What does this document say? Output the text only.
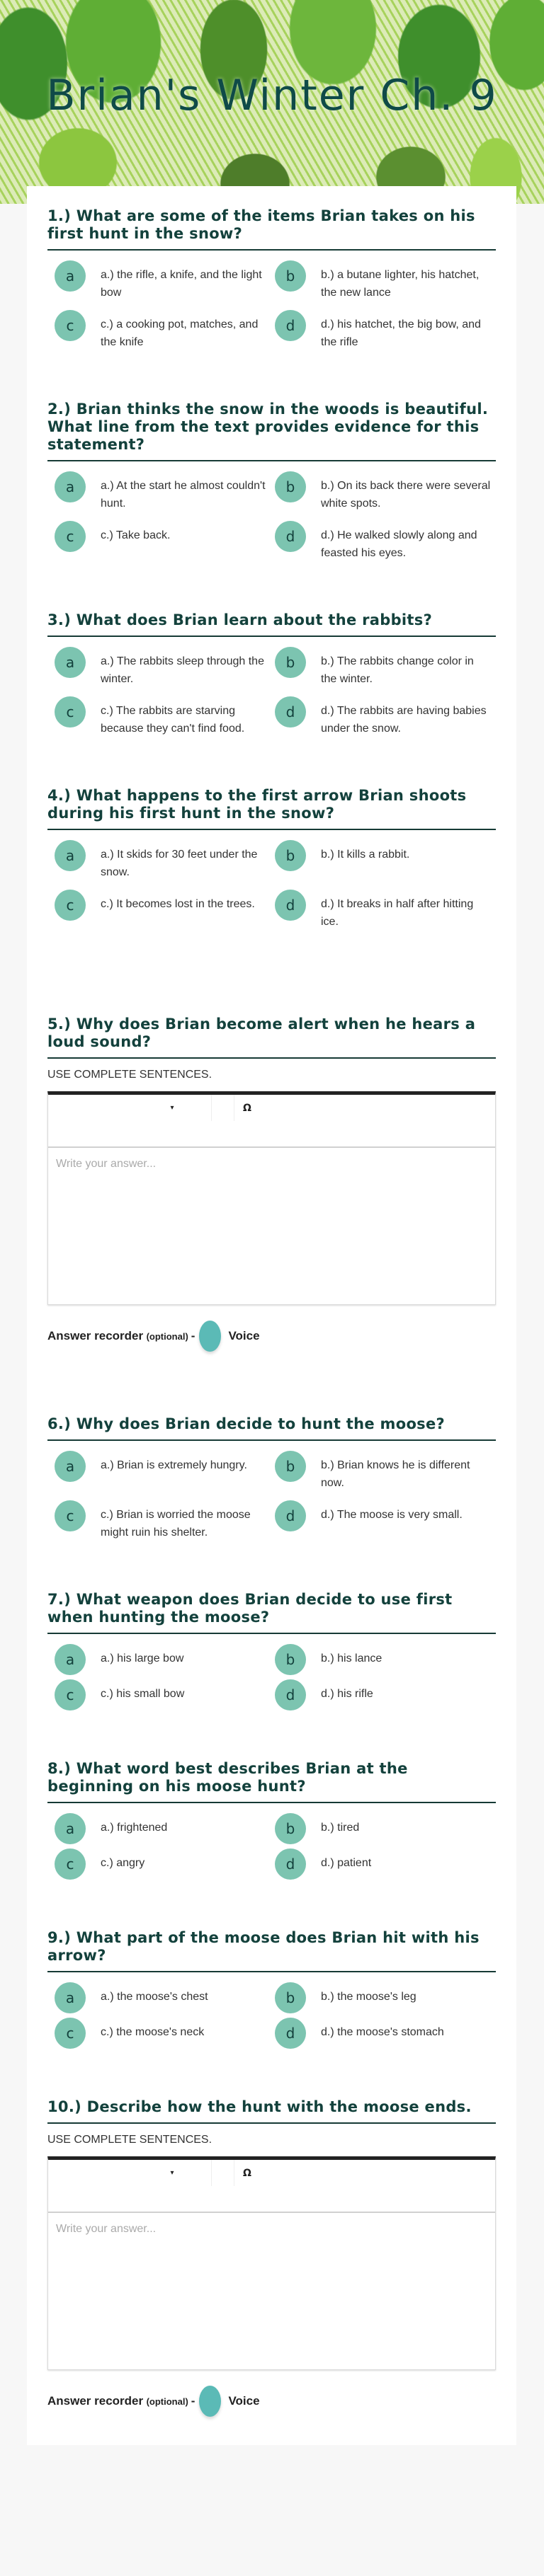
Brian's Winter Ch. 9
1.) What are some of the items Brian takes on his first hunt in the snow?
a	a.) the rifle, a knife, and the light bow
b	b.) a butane lighter, his hatchet, the new lance
c	c.) a cooking pot, matches, and the knife
d	d.) his hatchet, the big bow, and the rifle
2.) Brian thinks the snow in the woods is beautiful. What line from the text provides evidence for this statement?
a	a.) At the start he almost couldn't hunt.
b	b.) On its back there were several white spots.
c	c.) Take back.	d	d.) He walked slowly along and feasted his eyes.
3.) What does Brian learn about the rabbits?
a	a.) The rabbits sleep through the winter.
b	b.) The rabbits change color in the winter.
c	c.) The rabbits are starving because they can't find food.
d	d.) The rabbits are having babies under the snow.
4.) What happens to the first arrow Brian shoots during his first hunt in the snow?
a	a.) It skids for 30 feet under the snow.
b	b.) It kills a rabbit.
c	c.) It becomes lost in the trees.	d	d.) It breaks in half after hitting ice.
5.) Why does Brian become alert when he hears a loud sound?

USE COMPLETE SENTENCES.

▾	Ω
Write your answer...
Answer recorder
(optional) -	Voice
6.) Why does Brian decide to hunt the moose?
a	a.) Brian is extremely hungry.	b	b.) Brian knows he is different now.
c	c.) Brian is worried the moose might ruin his shelter.
d	d.) The moose is very small.
7.) What weapon does Brian decide to use first when hunting the moose?
a	a.) his large bow	b	b.) his lance
c	c.) his small bow	d	d.) his rifle
8.) What word best describes Brian at the beginning on his moose hunt?
a	a.) frightened	b	b.) tired
c	c.) angry	d	d.) patient
9.) What part of the moose does Brian hit with his arrow?
a	a.) the moose's chest	b	b.) the moose's leg
c	c.) the moose's neck	d	d.) the moose's stomach
10.) Describe how the hunt with the moose ends.

USE COMPLETE SENTENCES.

▾	Ω
Write your answer...
Answer recorder
(optional) -	Voice
